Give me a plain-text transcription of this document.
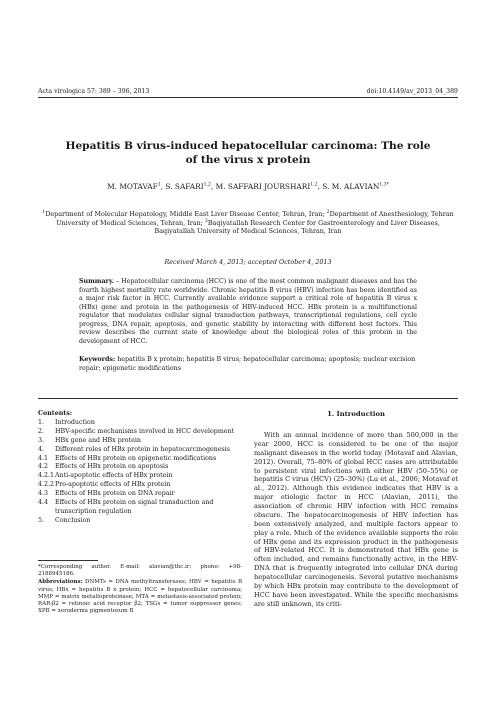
Acta virologica 57: 389 – 396, 2013	doi:10.4149/av_2013_04_389
Hepatitis B virus-induced hepatocellular carcinoma: The role of the virus x protein
M. MOTAVAF$^1$, S. SAFARI$^{1,2}$, M. SAFFARI JOURSHARI$^{1,2}$, S. M. $ALAVIAN^{1,3*}$
$^1$Department of Molecular Hepatology, Middle East Liver Disease Center, Tehran, Iran; $^2$Department of Anesthesiology, Tehran University of Medical Sciences, Tehran, Iran; $^3$Baqiyatallah Research Center for Gastroenterology and Liver Diseases, Baqiyatallah University of Medical Sciences, Tehran, Iran
Received March 4, 2013; accepted October 4, 2013

Summary. – Hepatocellular carcinoma (HCC) is one of the most common malignant diseases and has the fourth highest mortality rate worldwide. Chronic hepatitis B virus (HBV) infection has been identified as a major risk factor in HCC. Currently available evidence support a critical role of hepatitis B virus x (HBx) gene and protein in the pathogenesis of HBV-induced HCC. HBx protein is a multifunctional regulator that modulates cellular signal transduction pathways, transcriptional regulations, cell cycle progress, DNA repair, apoptosis, and genetic stability by interacting with different host factors. This review describes the current state of knowledge about the biological roles of this protein in the development of HCC.

Keywords: hepatitis B x protein; hepatitis B virus; hepatocellular carcinoma; apoptosis; nuclear excision repair; epigenetic modifications

Contents:
1.	Introduction
2.	HBV-specific mechanisms involved in HCC development
3.	HBx gene and HBx protein
4.	Different roles of HBx protein in hepatocarcinogenesis
4.1	Effects of HBx protein on epigenetic modifications
4.2	Effects of HBx protein on apoptosis
4.2.1 Anti-apoptotic effects of HBx protein
4.2.2 Pro-apoptotic effects of HBx protein
4.3	Effects of HBx protein on DNA repair
4.4	Effects of HBx protein on signal transduction and transcription regulation
5.	Conclusion

*Corresponding author. E-mail: alavian@thc.ir; phone: +98-2188945186.

Abbreviations: DNMTs = DNA methyltransferases; HBV = hepatitis B virus; HBx = hepatitis B x protein; HCC = hepatocellular carcinoma; MMP = matrix metalloproteinase; MTA = metastasis-associated protein; RAR-β2 = retinoic acid receptor β2; TSGs = tumor suppressor genes; XPB = xeroderma pigmentosum B

1. Introduction

With an annual incidence of more than 500,000 in the year 2000, HCC is considered to be one of the major malignant diseases in the world today (Motavaf and Alavian, 2012). Overall, 75–80% of global HCC cases are attributable to persistent viral infections with either HBV (50–55%) or hepatitis C virus (HCV) (25–30%) (Lu et al., 2006; Motavaf et al., 2012). Although this evidence indicates that HBV is a major etiologic factor in HCC (Alavian, 2011), the association of chronic HBV infection with HCC remains obscure. The hepatocarcinogenesis of HBV infection has been extensively analyzed, and multiple factors appear to play a role. Much of the evidence available supports the role of HBx gene and its expression product in the pathogenesis of HBV-related HCC. It is demonstrated that HBx gene is often included, and remains functionally active, in the HBV-DNA that is frequently integrated into cellular DNA during hepatocellular carcinogenesis. Several putative mechanisms by which HBx protein may contribute to the development of HCC have been investigated. While the specific mechanisms are still unknown, its criti-
